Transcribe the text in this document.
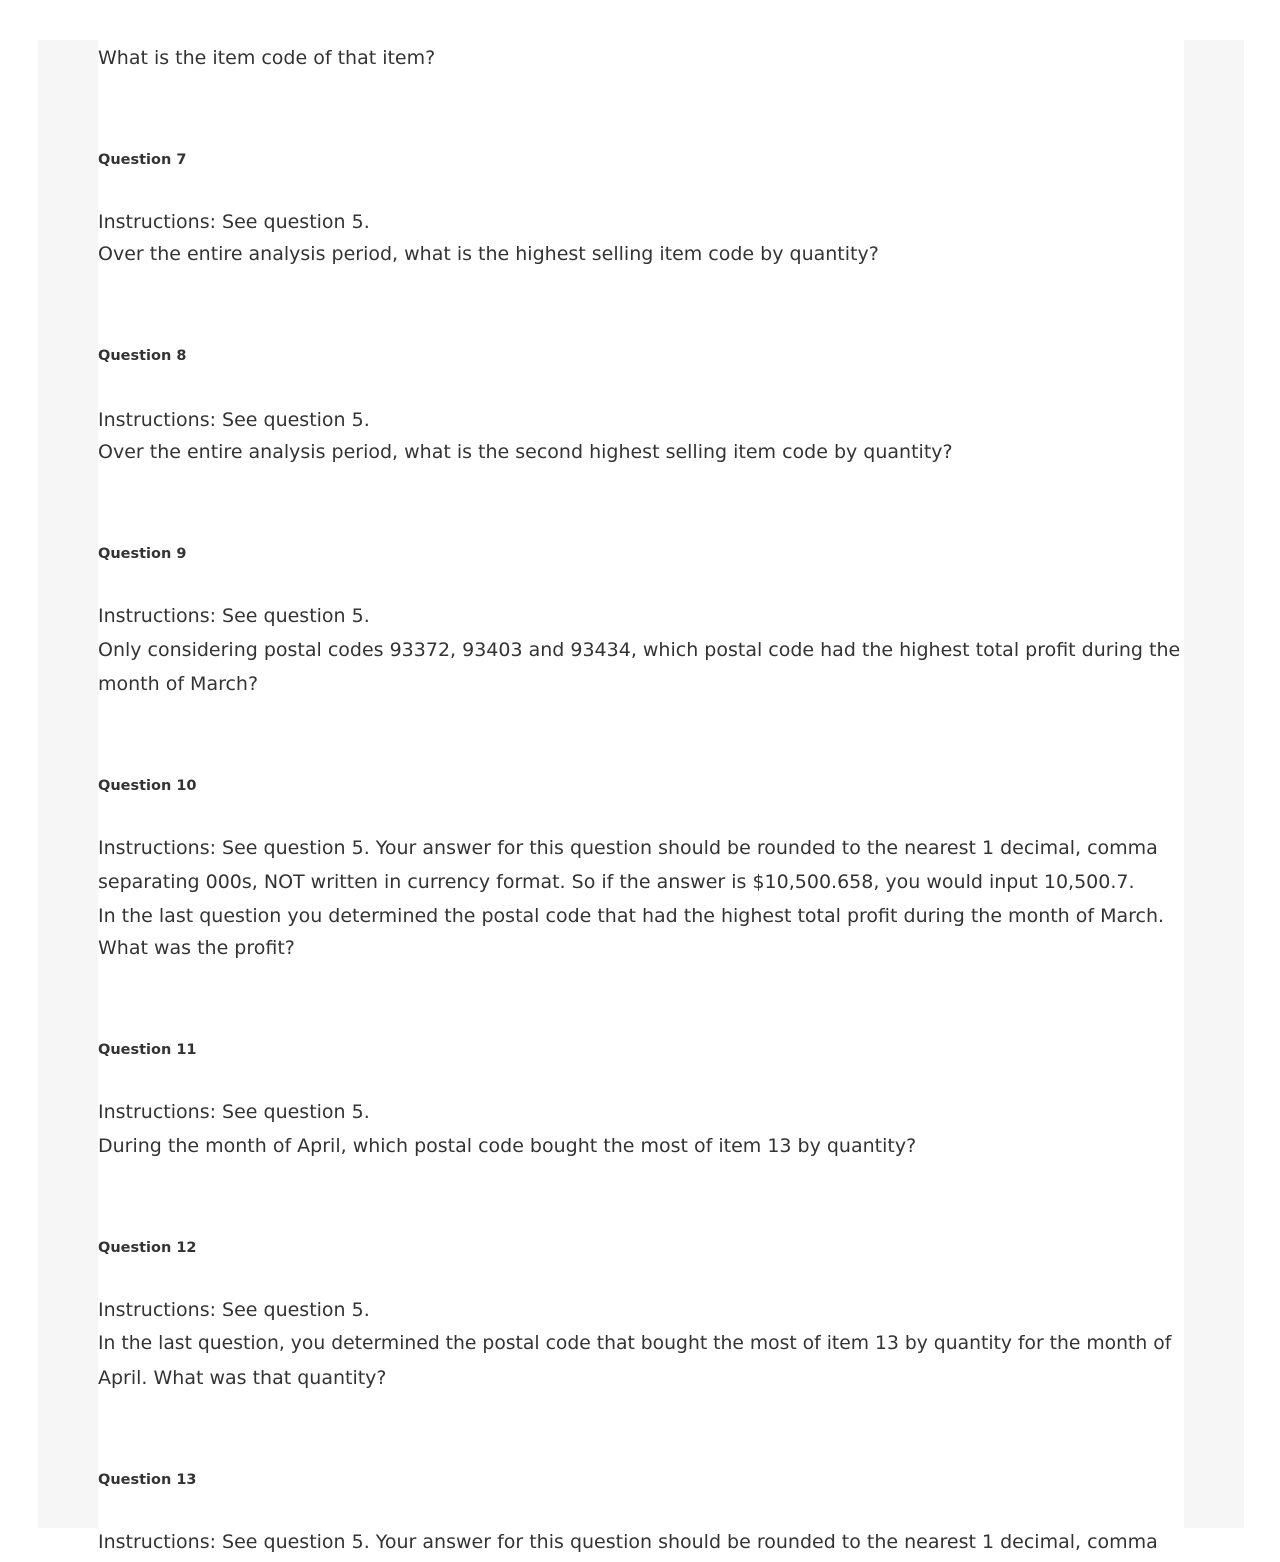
What is the item code of that item?
Question 7
Instructions: See question 5.
Over the entire analysis period, what is the highest selling item code by quantity?
Question 8
Instructions: See question 5.
Over the entire analysis period, what is the second highest selling item code by quantity?
Question 9
Instructions: See question 5.
Only considering postal codes 93372, 93403 and 93434, which postal code had the highest total profit during the
month of March?
Question 10
Instructions: See question 5. Your answer for this question should be rounded to the nearest 1 decimal, comma
separating 000s, NOT written in currency format. So if the answer is $10,500.658, you would input 10,500.7.
In the last question you determined the postal code that had the highest total profit during the month of March.
What was the profit?
Question 11
Instructions: See question 5.
During the month of April, which postal code bought the most of item 13 by quantity?
Question 12
Instructions: See question 5.
In the last question, you determined the postal code that bought the most of item 13 by quantity for the month of
April. What was that quantity?
Question 13
Instructions: See question 5. Your answer for this question should be rounded to the nearest 1 decimal, comma
